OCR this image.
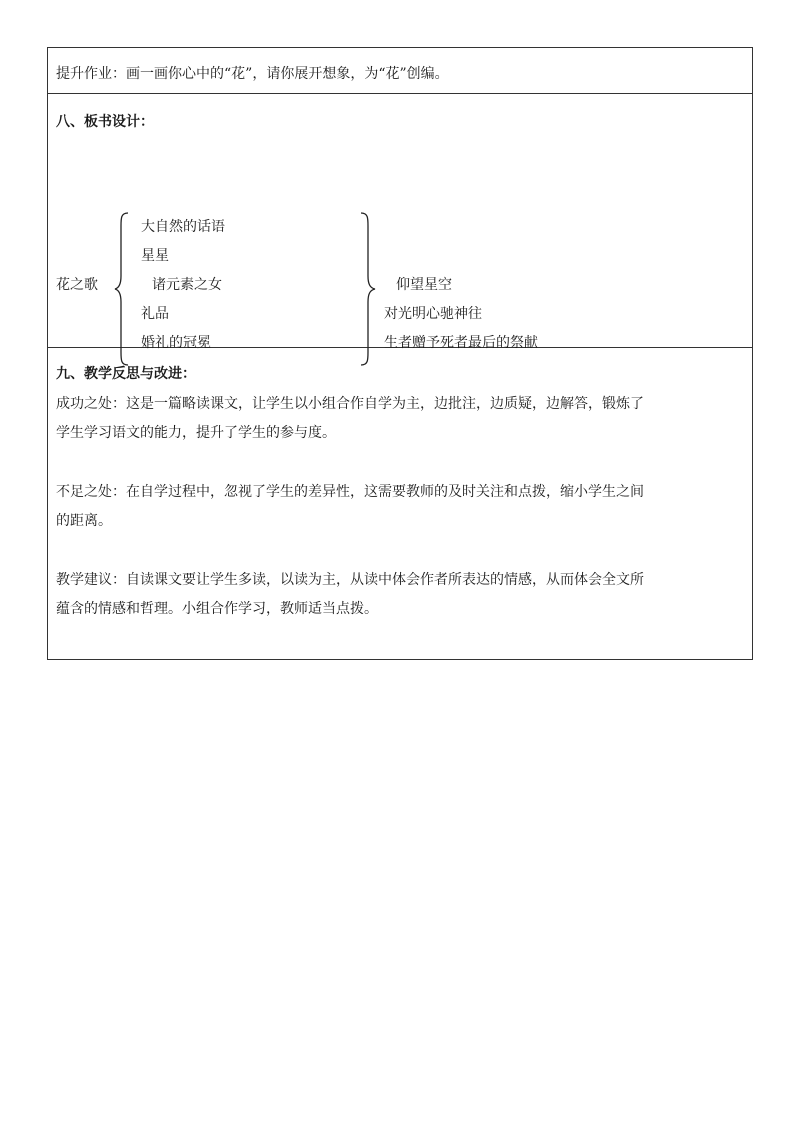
提升作业：画一画你心中的“花”，请你展开想象，为“花”创编。
八、板书设计：
花之歌
大自然的话语
星星
诸元素之女
礼品
婚礼的冠冕
仰望星空
对光明心驰神往
生者赠予死者最后的祭献
九、教学反思与改进：
成功之处：这是一篇略读课文，让学生以小组合作自学为主，边批注，边质疑，边解答，锻炼了
学生学习语文的能力，提升了学生的参与度。
不足之处：在自学过程中，忽视了学生的差异性，这需要教师的及时关注和点拨，缩小学生之间
的距离。
教学建议：自读课文要让学生多读，以读为主，从读中体会作者所表达的情感，从而体会全文所
蕴含的情感和哲理。小组合作学习，教师适当点拨。
